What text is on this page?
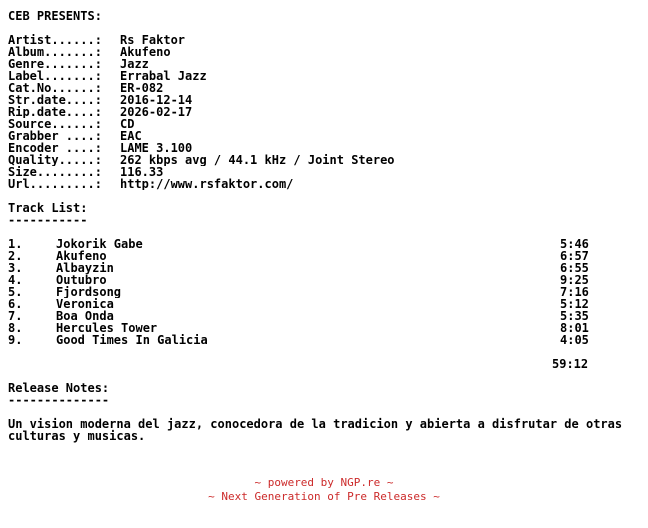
CEB PRESENTS:
Artist......: Rs Faktor
Album.......: Akufeno
Genre.......: Jazz
Label.......: Errabal Jazz
Cat.No......: ER-082
Str.date....: 2016-12-14
Rip.date....: 2026-02-17
Source......: CD
Grabber ....: EAC
Encoder ....: LAME 3.100
Quality.....: 262 kbps avg / 44.1 kHz / Joint Stereo
Size........: 116.33
Url.........: http://www.rsfaktor.com/
Track List:
-----------
1.	Jokorik Gabe	5:46
2.	Akufeno	6:57
3.	Albayzin	6:55
4.	Outubro	9:25
5.	Fjordsong	7:16
6.	Veronica	5:12
7.	Boa Onda	5:35
8.	Hercules Tower	8:01
9.	Good Times In Galicia	4:05

59:12

Release Notes:
--------------
Un vision moderna del jazz, conocedora de la tradicion y abierta a disfrutar de otras culturas y musicas.
~ powered by NGP.re ~
~ Next Generation of Pre Releases ~
